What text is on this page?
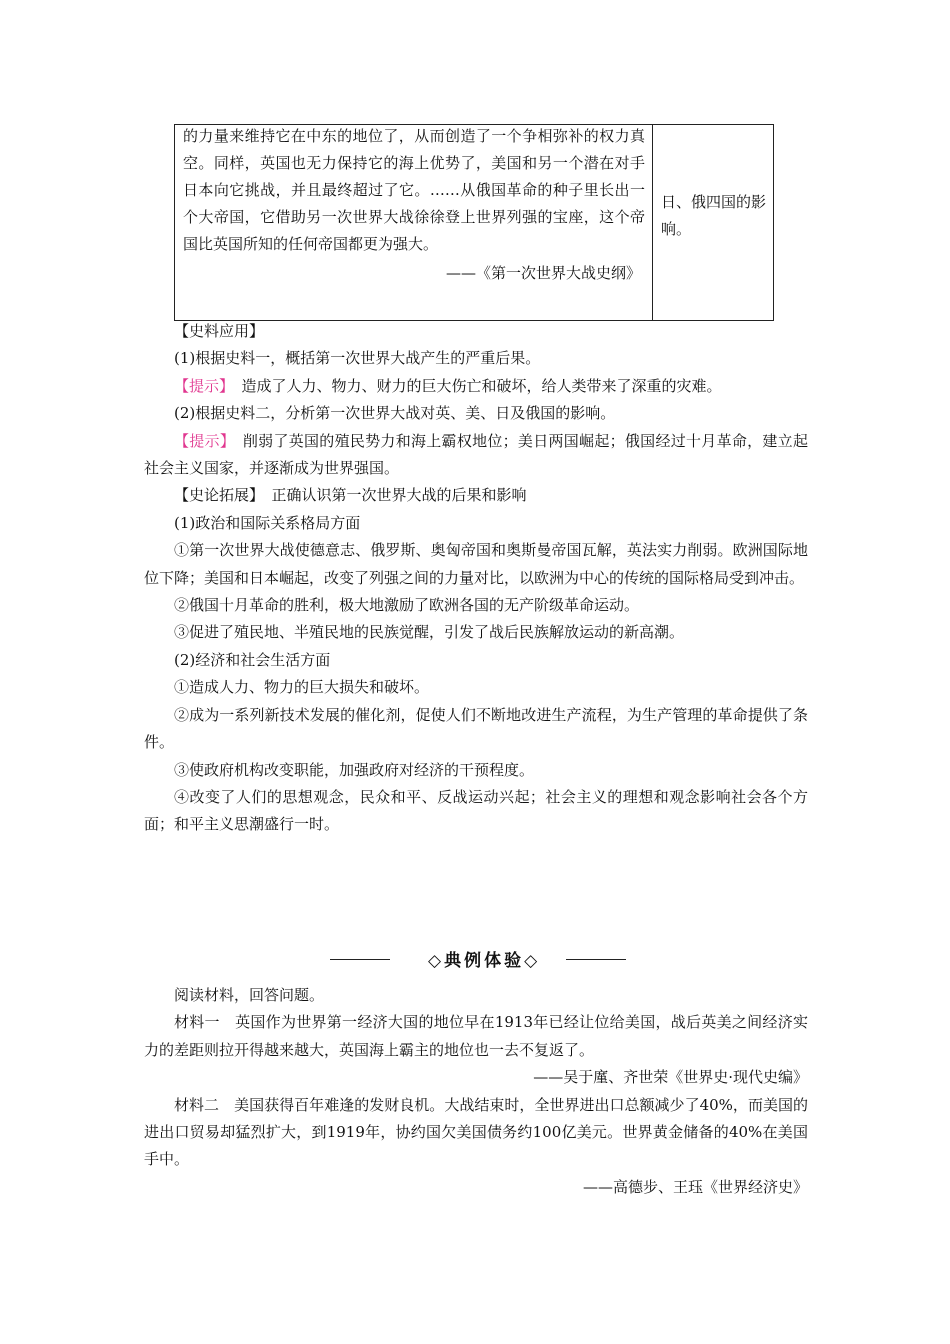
的力量来维持它在中东的地位了，从而创造了一个争相弥补的权力真空。同样，英国也无力保持它的海上优势了，美国和另一个潜在对手日本向它挑战，并且最终超过了它。……从俄国革命的种子里长出一个大帝国，它借助另一次世界大战徐徐登上世界列强的宝座，这个帝国比英国所知的任何帝国都更为强大。
——《第一次世界大战史纲》
日、俄四国的影响。

【史料应用】

(1)根据史料一，概括第一次世界大战产生的严重后果。

【提示】　 造成了人力、物力、财力的巨大伤亡和破坏，给人类带来了深重的灾难。

(2)根据史料二，分析第一次世界大战对英、美、日及俄国的影响。

【提示】　 削弱了英国的殖民势力和海上霸权地位；美日两国崛起；俄国经过十月革命，建立起社会主义国家，并逐渐成为世界强国。

【史论拓展】　 正确认识第一次世界大战的后果和影响

(1)政治和国际关系格局方面

①第一次世界大战使德意志、俄罗斯、奥匈帝国和奥斯曼帝国瓦解，英法实力削弱。欧洲国际地位下降；美国和日本崛起，改变了列强之间的力量对比，以欧洲为中心的传统的国际格局受到冲击。

②俄国十月革命的胜利，极大地激励了欧洲各国的无产阶级革命运动。

③促进了殖民地、半殖民地的民族觉醒，引发了战后民族解放运动的新高潮。

(2)经济和社会生活方面

①造成人力、物力的巨大损失和破坏。

②成为一系列新技术发展的催化剂，促使人们不断地改进生产流程，为生产管理的革命提供了条件。

③使政府机构改变职能，加强政府对经济的干预程度。

④改变了人们的思想观念，民众和平、反战运动兴起；社会主义的理想和观念影响社会各个方面；和平主义思潮盛行一时。

◇典例体验◇

阅读材料，回答问题。

材料一　 英国作为世界第一经济大国的地位早在1913年已经让位给美国，战后英美之间经济实力的差距则拉开得越来越大，英国海上霸主的地位也一去不复返了。

——吴于廑、齐世荣《世界史·现代史编》

材料二　 美国获得百年难逢的发财良机。大战结束时，全世界进出口总额减少了40%，而美国的进出口贸易却猛烈扩大，到1919年，协约国欠美国债务约100亿美元。世界黄金储备的40%在美国手中。

——高德步、王珏《世界经济史》
